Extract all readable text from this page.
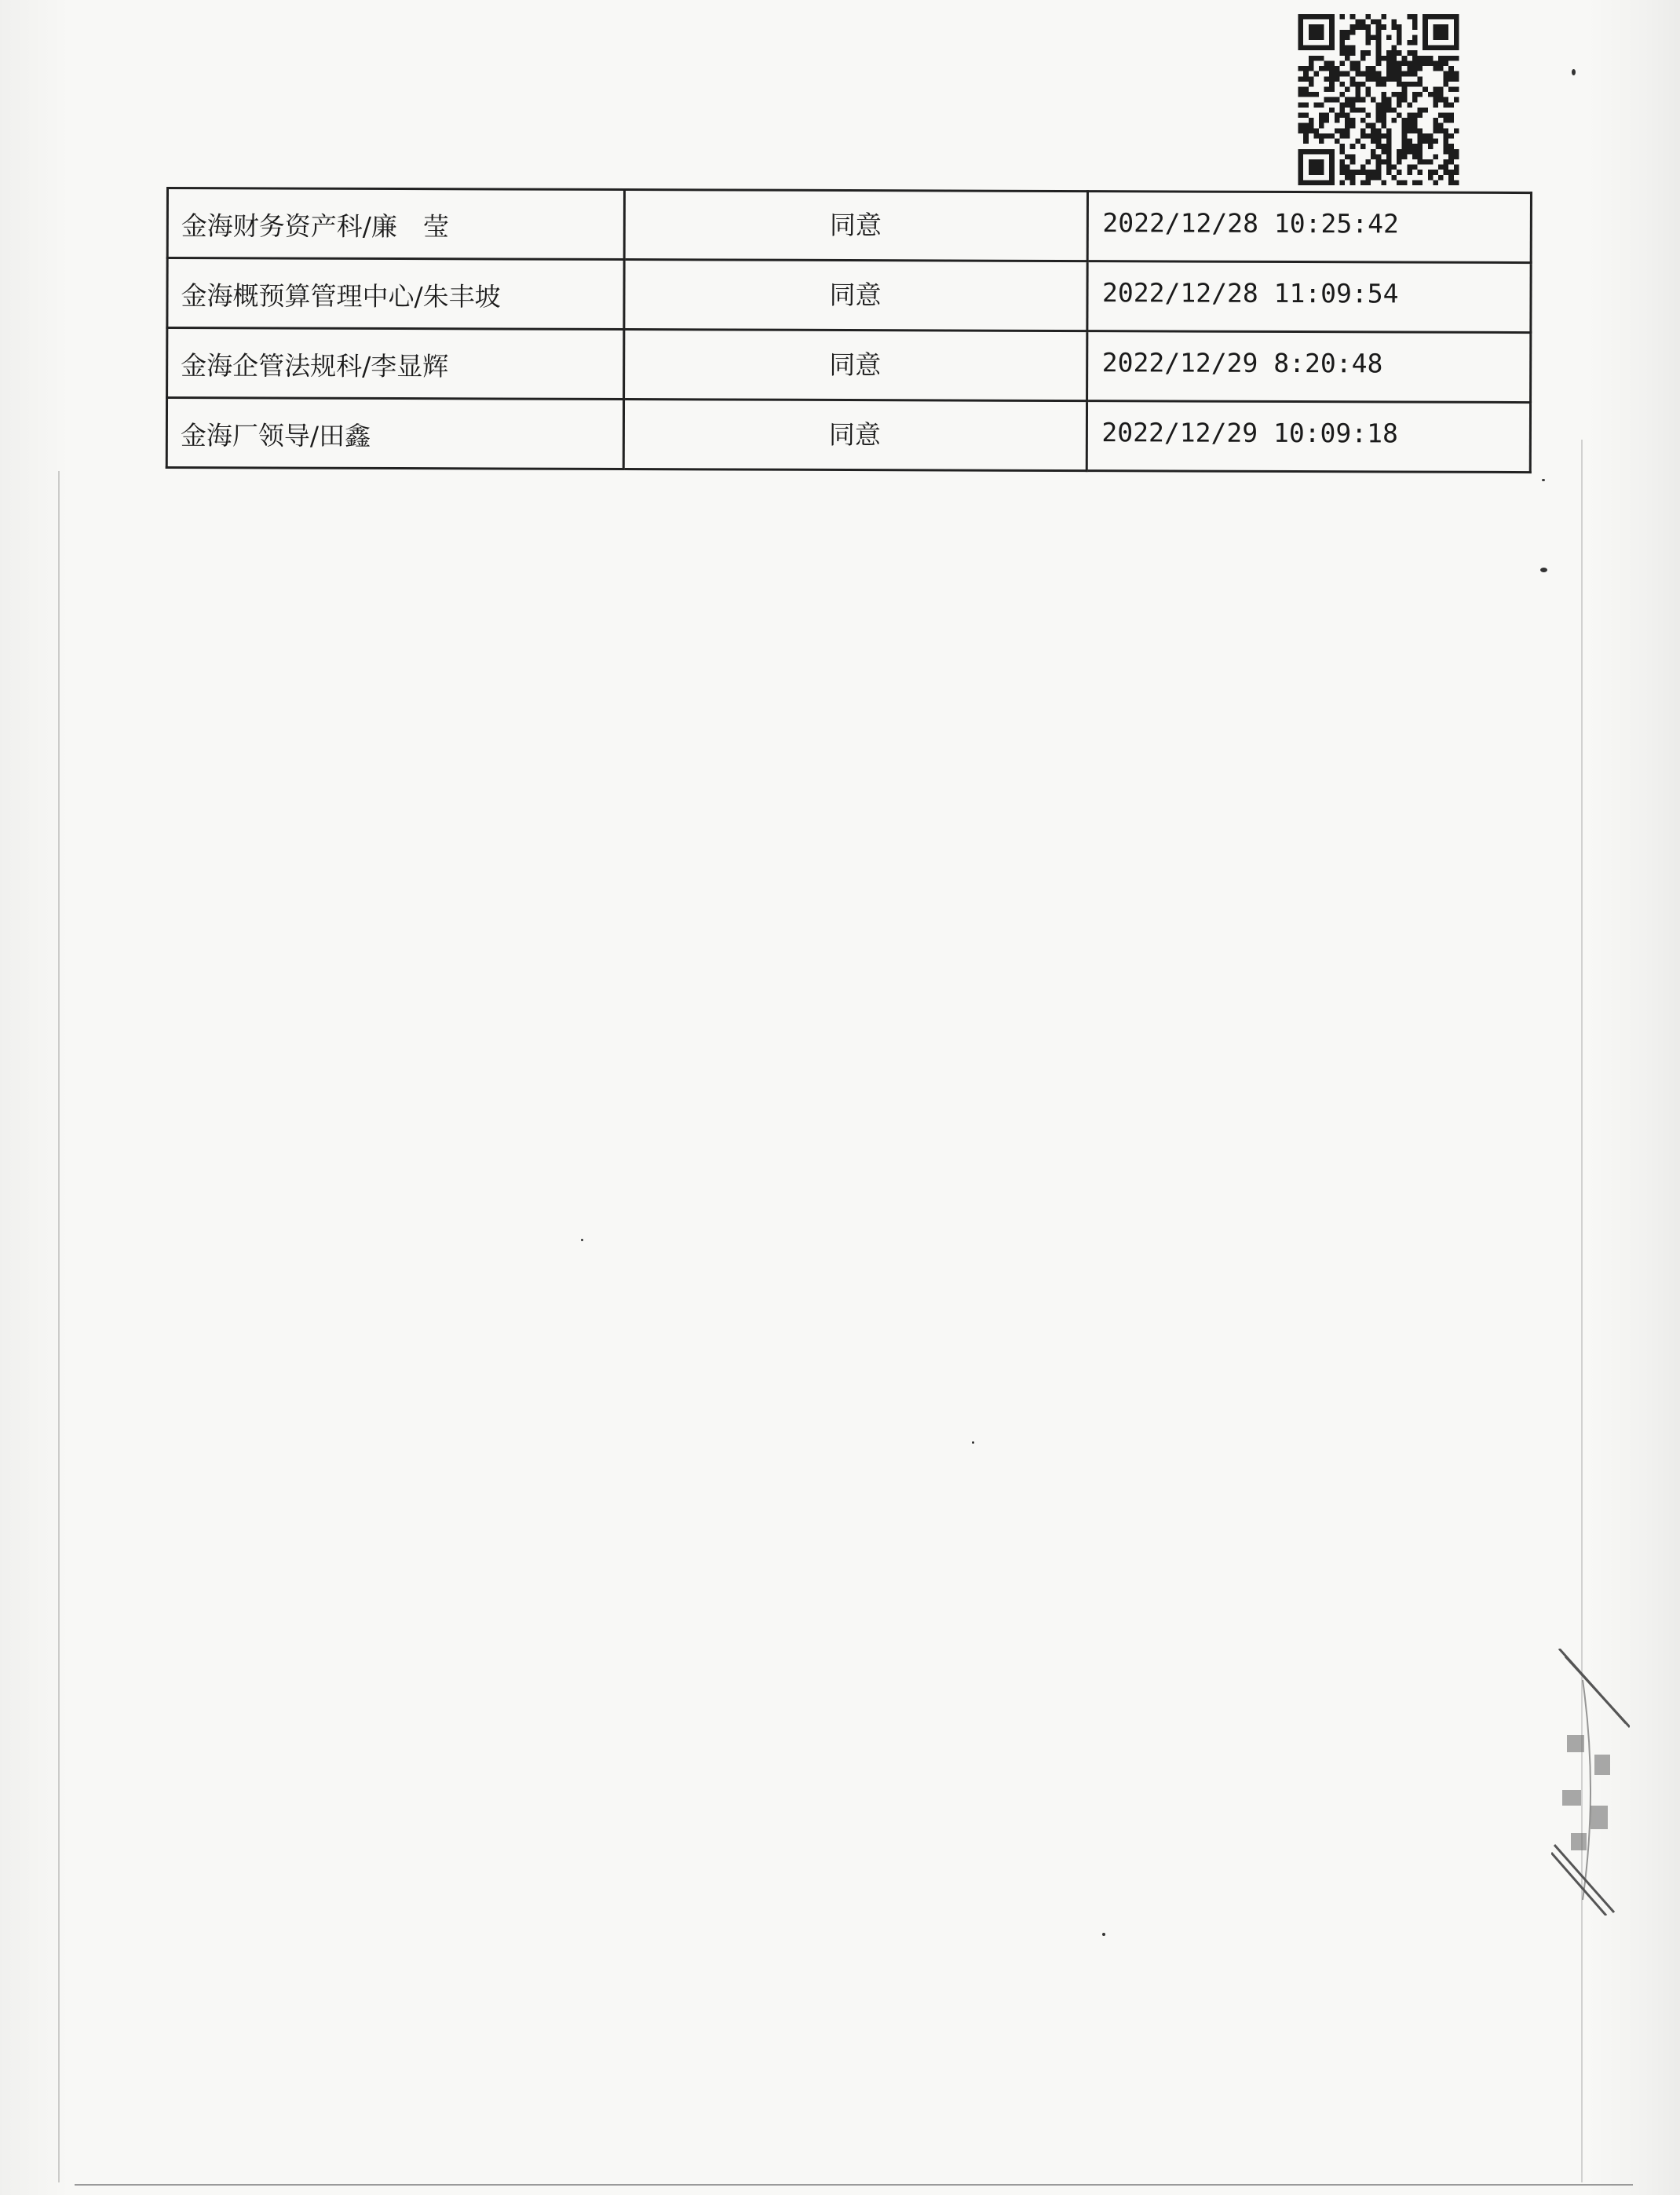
金海财务资产科/廉　莹	同意	2022/12/28 10:25:42
金海概预算管理中心/朱丰坡	同意	2022/12/28 11:09:54
金海企管法规科/李显辉	同意	2022/12/29 8:20:48
金海厂领导/田鑫	同意	2022/12/29 10:09:18
